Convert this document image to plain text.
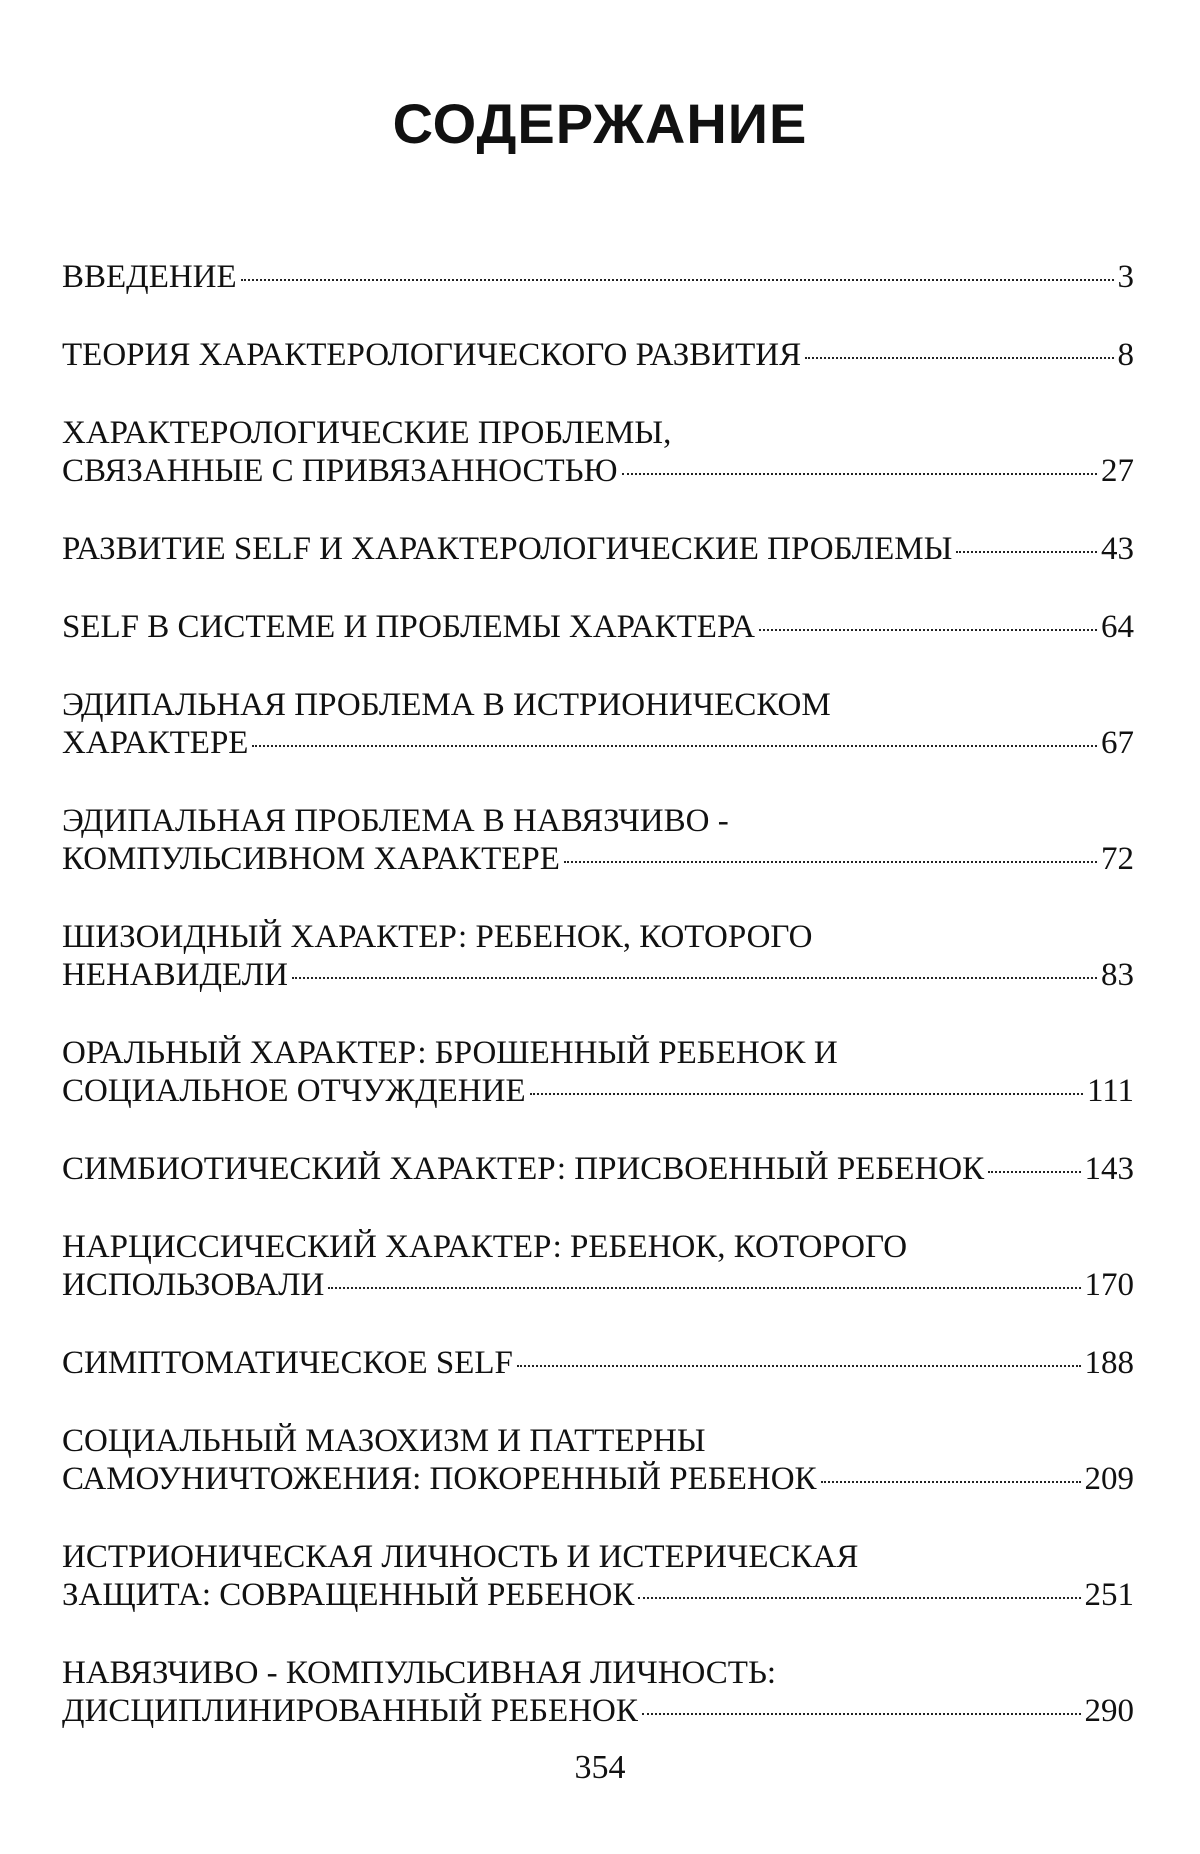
СОДЕРЖАНИЕ
ВВЕДЕНИЕ	3
ТЕОРИЯ ХАРАКТЕРОЛОГИЧЕСКОГО РАЗВИТИЯ	8
ХАРАКТЕРОЛОГИЧЕСКИЕ ПРОБЛЕМЫ,
СВЯЗАННЫЕ С ПРИВЯЗАННОСТЬЮ	27
РАЗВИТИЕ SELF И ХАРАКТЕРОЛОГИЧЕСКИЕ ПРОБЛЕМЫ	43
SELF В СИСТЕМЕ И ПРОБЛЕМЫ ХАРАКТЕРА	64
ЭДИПАЛЬНАЯ ПРОБЛЕМА В ИСТРИОНИЧЕСКОМ
ХАРАКТЕРЕ	67
ЭДИПАЛЬНАЯ ПРОБЛЕМА В НАВЯЗЧИВО -
КОМПУЛЬСИВНОМ ХАРАКТЕРЕ	72
ШИЗОИДНЫЙ ХАРАКТЕР: РЕБЕНОК, КОТОРОГО
НЕНАВИДЕЛИ	83
ОРАЛЬНЫЙ ХАРАКТЕР: БРОШЕННЫЙ РЕБЕНОК И
СОЦИАЛЬНОЕ ОТЧУЖДЕНИЕ	111
СИМБИОТИЧЕСКИЙ ХАРАКТЕР: ПРИСВОЕННЫЙ РЕБЕНОК	143
НАРЦИССИЧЕСКИЙ ХАРАКТЕР: РЕБЕНОК, КОТОРОГО
ИСПОЛЬЗОВАЛИ	170
СИМПТОМАТИЧЕСКОЕ SELF	188
СОЦИАЛЬНЫЙ МАЗОХИЗМ И ПАТТЕРНЫ
САМОУНИЧТОЖЕНИЯ: ПОКОРЕННЫЙ РЕБЕНОК	209
ИСТРИОНИЧЕСКАЯ ЛИЧНОСТЬ И ИСТЕРИЧЕСКАЯ
ЗАЩИТА: СОВРАЩЕННЫЙ РЕБЕНОК	251
НАВЯЗЧИВО - КОМПУЛЬСИВНАЯ ЛИЧНОСТЬ:
ДИСЦИПЛИНИРОВАННЫЙ РЕБЕНОК	290
354
